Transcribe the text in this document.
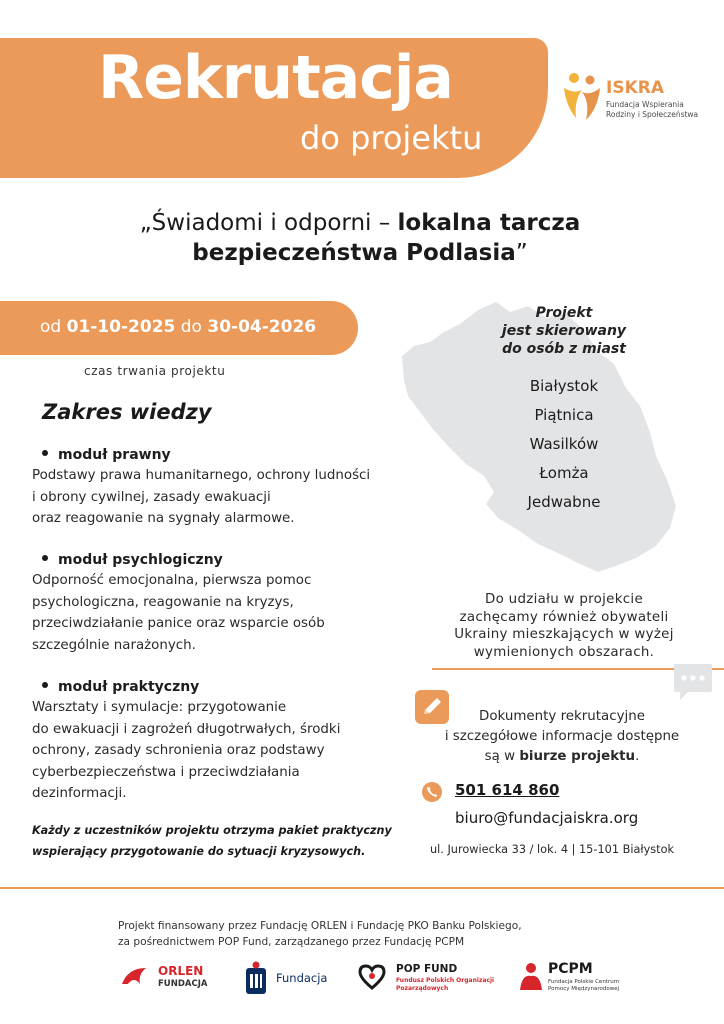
Rekrutacja
do projektu
ISKRA
Fundacja Wspierania
Rodziny i Społeczeństwa
„Świadomi i odporni – lokalna tarcza
bezpieczeństwa Podlasia”
od 01-10-2025 do 30-04-2026
czas trwania projektu
Projekt
jest skierowany
do osób z miast
Białystok
Piątnica
Wasilków
Łomża
Jedwabne
Zakres wiedzy
moduł prawny
Podstawy prawa humanitarnego, ochrony ludności
i obrony cywilnej, zasady ewakuacji
oraz reagowanie na sygnały alarmowe.
moduł psychlogiczny
Odporność emocjonalna, pierwsza pomoc
psychologiczna, reagowanie na kryzys,
przeciwdziałanie panice oraz wsparcie osób
szczególnie narażonych.
moduł praktyczny
Warsztaty i symulacje: przygotowanie
do ewakuacji i zagrożeń długotrwałych, środki
ochrony, zasady schronienia oraz podstawy
cyberbezpieczeństwa i przeciwdziałania
dezinformacji.
Każdy z uczestników projektu otrzyma pakiet praktyczny
wspierający przygotowanie do sytuacji kryzysowych.
Do udziału w projekcie
zachęcamy również obywateli
Ukrainy mieszkających w wyżej
wymienionych obszarach.
Dokumenty rekrutacyjne
i szczegółowe informacje dostępne
są w biurze projektu.
501 614 860
biuro@fundacjaiskra.org
ul. Jurowiecka 33 / lok. 4 | 15-101 Białystok
Projekt finansowany przez Fundację ORLEN i Fundację PKO Banku Polskiego,
za pośrednictwem POP Fund, zarządzanego przez Fundację PCPM
ORLEN
FUNDACJA	Fundacja
POP FUND
Fundusz Polskich Organizacji
Pozarządowych
PCPM
Fundacja Polskie Centrum
Pomocy Międzynarodowej
